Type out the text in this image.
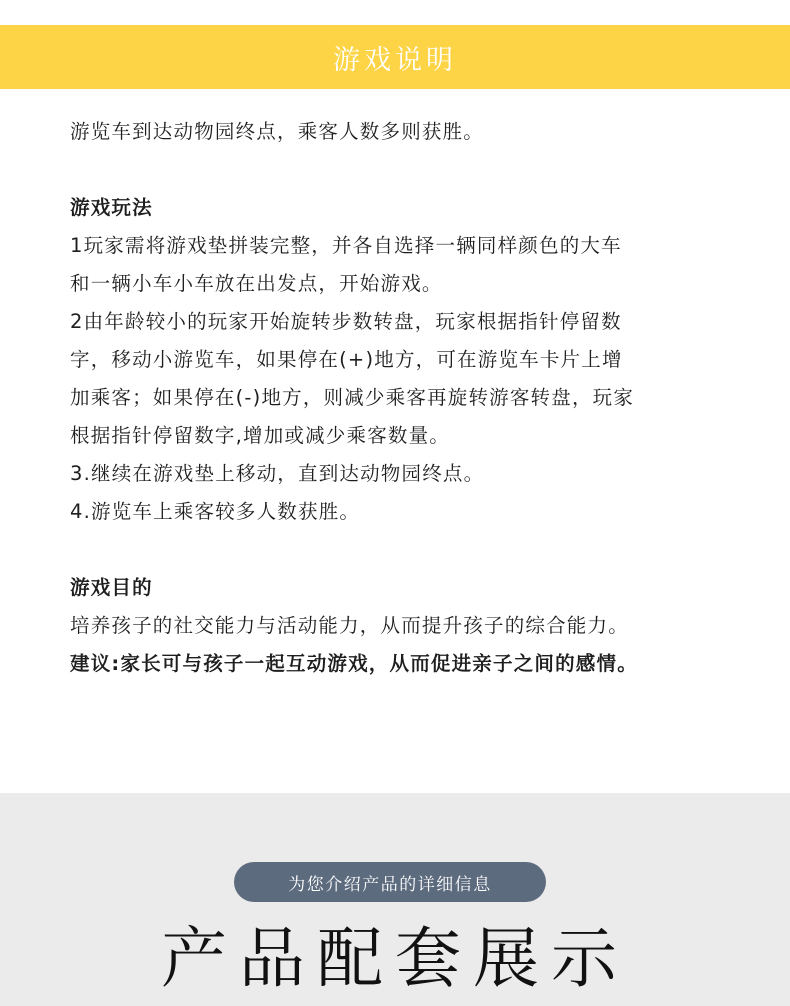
游戏说明
游览车到达动物园终点，乘客人数多则获胜。
游戏玩法
1玩家需将游戏垫拼装完整，并各自选择一辆同样颜色的大车
和一辆小车小车放在出发点，开始游戏。
2由年龄较小的玩家开始旋转步数转盘，玩家根据指针停留数
字，移动小游览车，如果停在(+)地方，可在游览车卡片上增
加乘客；如果停在(-)地方，则减少乘客再旋转游客转盘，玩家
根据指针停留数字,增加或减少乘客数量。
3.继续在游戏垫上移动，直到达动物园终点。
4.游览车上乘客较多人数获胜。
游戏目的
培养孩子的社交能力与活动能力，从而提升孩子的综合能力。
建议:家长可与孩子一起互动游戏，从而促进亲子之间的感情。
为您介绍产品的详细信息
产品配套展示
